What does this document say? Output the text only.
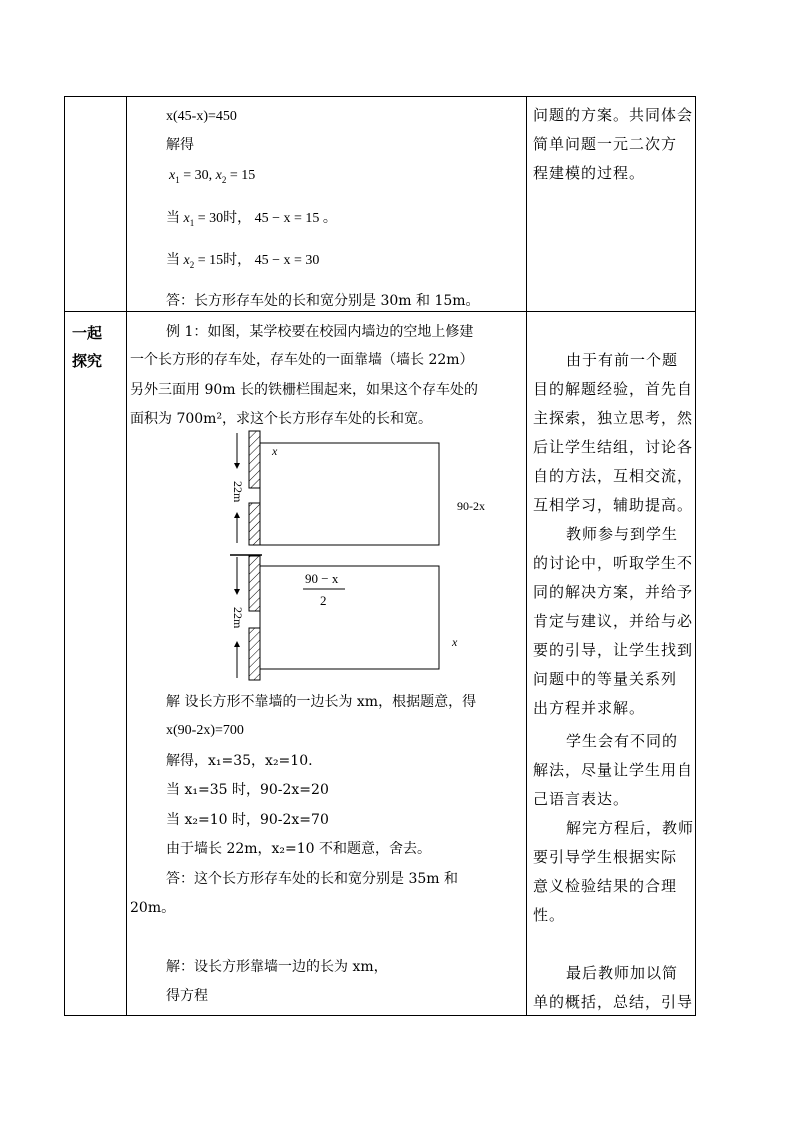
x(45-x)=450
解得
$x_1 = 30$, $x_2 = 15$
当 $x_1 = 30$时， 45 − x = 15 。
当 $x_2 = 15$时， 45 − x = 30
答：长方形存车处的长和宽分别是 30m 和 15m。
问题的方案。共同体会
简单问题一元二次方
程建模的过程。
一起
探究
例 1：如图，某学校要在校园内墙边的空地上修建
一个长方形的存车处，存车处的一面靠墙（墙长 22m）
另外三面用 90m 长的铁栅栏围起来，如果这个存车处的
面积为 700m²，求这个长方形存车处的长和宽。
x
22m
90-2x
90 − x
2
22m
x
解 设长方形不靠墙的一边长为 xm，根据题意，得
x(90-2x)=700
解得，x₁=35，x₂=10.
当 x₁=35 时，90-2x=20
当 x₂=10 时，90-2x=70
由于墙长 22m，x₂=10 不和题意，舍去。
答：这个长方形存车处的长和宽分别是 35m 和
20m。
解：设长方形靠墙一边的长为 xm，
得方程
由于有前一个题
目的解题经验，首先自
主探索，独立思考，然
后让学生结组，讨论各
自的方法，互相交流，
互相学习，辅助提高。
教师参与到学生
的讨论中，听取学生不
同的解决方案，并给予
肯定与建议，并给与必
要的引导，让学生找到
问题中的等量关系列
出方程并求解。
学生会有不同的
解法，尽量让学生用自
己语言表达。
解完方程后，教师
要引导学生根据实际
意义检验结果的合理
性。
最后教师加以简
单的概括，总结，引导
